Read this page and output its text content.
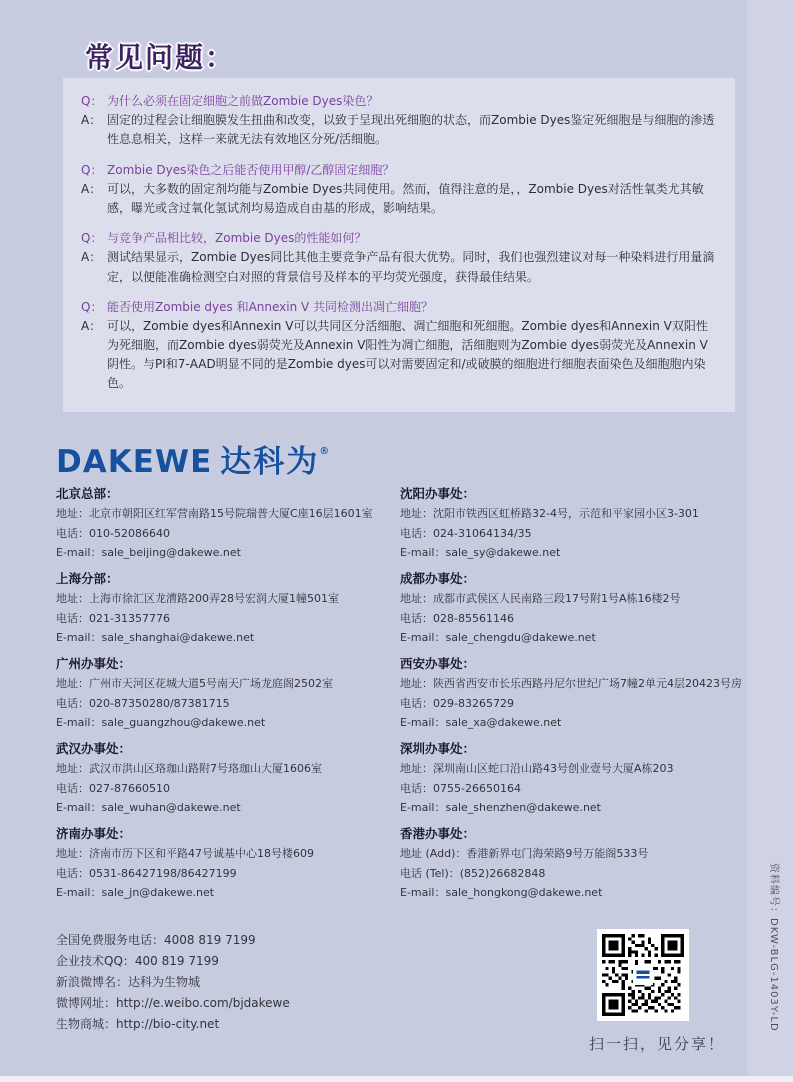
常见问题：
Q： 为什么必须在固定细胞之前做Zombie Dyes染色？
A： 固定的过程会让细胞膜发生扭曲和改变，以致于呈现出死细胞的状态，而Zombie Dyes鉴定死细胞是与细胞的渗透性息息相关，这样一来就无法有效地区分死/活细胞。
Q： Zombie Dyes染色之后能否使用甲醇/乙醇固定细胞？
A： 可以，大多数的固定剂均能与Zombie Dyes共同使用。然而，值得注意的是，，Zombie Dyes对活性氧类尤其敏感，曝光或含过氧化氢试剂均易造成自由基的形成，影响结果。
Q： 与竞争产品相比较，Zombie Dyes的性能如何？
A： 测试结果显示，Zombie Dyes同比其他主要竞争产品有很大优势。同时，我们也强烈建议对每一种染料进行用量滴定，以便能准确检测空白对照的背景信号及样本的平均荧光强度，获得最佳结果。
Q： 能否使用Zombie dyes 和Annexin V 共同检测出凋亡细胞？
A： 可以，Zombie dyes和Annexin V可以共同区分活细胞、凋亡细胞和死细胞。Zombie dyes和Annexin V双阳性为死细胞，而Zombie dyes弱荧光及Annexin V阳性为凋亡细胞，活细胞则为Zombie dyes弱荧光及Annexin V阴性。与PI和7-AAD明显不同的是Zombie dyes可以对需要固定和/或破膜的细胞进行细胞表面染色及细胞胞内染色。
DAKEWE 达科为®
北京总部：
地址：北京市朝阳区红军营南路15号院瑞普大厦C座16层1601室
电话：010-52086640
E-mail：sale_beijing@dakewe.net
上海分部：
地址：上海市徐汇区龙漕路200弄28号宏润大厦1幢501室
电话：021-31357776
E-mail：sale_shanghai@dakewe.net
广州办事处：
地址：广州市天河区花城大道5号南天广场龙庭阁2502室
电话：020-87350280/87381715
E-mail：sale_guangzhou@dakewe.net
武汉办事处：
地址：武汉市洪山区珞珈山路附7号珞珈山大厦1606室
电话：027-87660510
E-mail：sale_wuhan@dakewe.net
济南办事处：
地址：济南市历下区和平路47号诚基中心18号楼609
电话：0531-86427198/86427199
E-mail：sale_jn@dakewe.net
沈阳办事处：
地址：沈阳市铁西区虹桥路32-4号，示范和平家园小区3-301
电话：024-31064134/35
E-mail：sale_sy@dakewe.net
成都办事处：
地址：成都市武侯区人民南路三段17号附1号A栋16楼2号
电话：028-85561146
E-mail：sale_chengdu@dakewe.net
西安办事处：
地址：陕西省西安市长乐西路丹尼尔世纪广场7幢2单元4层20423号房
电话：029-83265729
E-mail：sale_xa@dakewe.net
深圳办事处：
地址：深圳南山区蛇口沿山路43号创业壹号大厦A栋203
电话：0755-26650164
E-mail：sale_shenzhen@dakewe.net
香港办事处：
地址 (Add)：香港新界屯门海荣路9号万能阁533号
电话 (Tel)：(852)26682848
E-mail：sale_hongkong@dakewe.net
全国免费服务电话：4008 819 7199
企业技术QQ：400 819 7199
新浪微博名：达科为生物城
微博网址：http://e.weibo.com/bjdakewe
生物商城：http://bio-city.net
扫一扫，见分享！
资料编号：DKW-BLG-1403Y-LD
